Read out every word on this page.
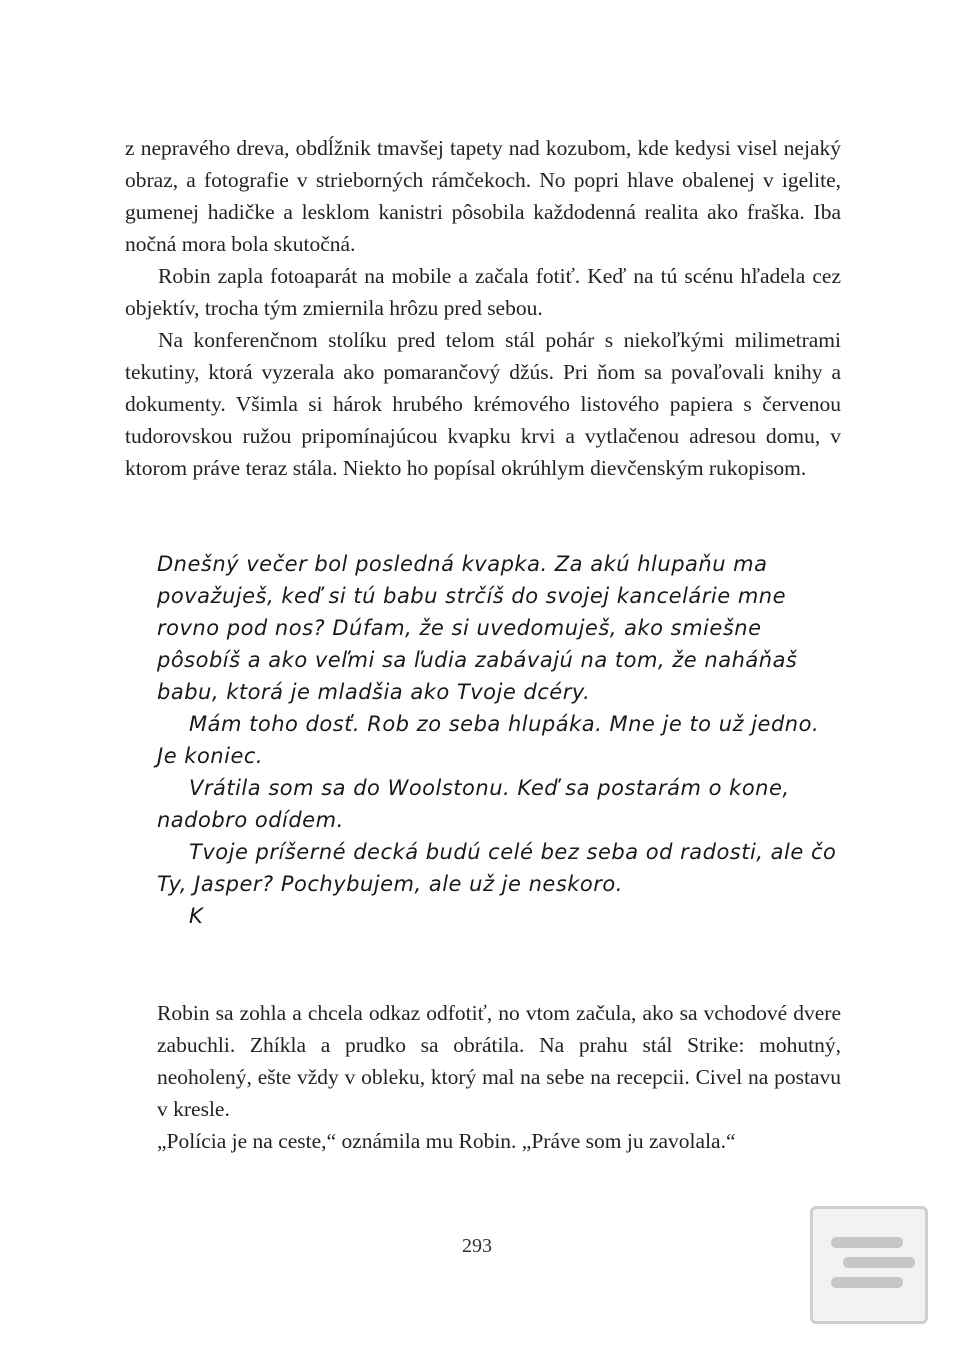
z nepravého dreva, obdĺžnik tmavšej tapety nad kozubom, kde kedysi visel nejaký obraz, a fotografie v strieborných rámčekoch. No popri hlave obalenej v igelite, gumenej hadičke a lesklom kanistri pôsobila každodenná realita ako fraška. Iba nočná mora bola skutočná.

Robin zapla fotoaparát na mobile a začala fotiť. Keď na tú scénu hľadela cez objektív, trocha tým zmiernila hrôzu pred sebou.

Na konferenčnom stolíku pred telom stál pohár s niekoľkými milimetrami tekutiny, ktorá vyzerala ako pomarančový džús. Pri ňom sa povaľovali knihy a dokumenty. Všimla si hárok hrubého krémového listového papiera s červenou tudorovskou ružou pripomínajúcou kvapku krvi a vytlačenou adresou domu, v ktorom práve teraz stála. Niekto ho popísal okrúhlym dievčenským rukopisom.

Dnešný večer bol posledná kvapka. Za akú hlupaňu ma považuješ, keď si tú babu strčíš do svojej kancelárie mne rovno pod nos? Dúfam, že si uvedomuješ, ako smiešne pôsobíš a ako veľmi sa ľudia zabávajú na tom, že naháňaš babu, ktorá je mladšia ako Tvoje dcéry.

Mám toho dosť. Rob zo seba hlupáka. Mne je to už jedno. Je koniec.

Vrátila som sa do Woolstonu. Keď sa postarám o kone, nadobro odídem.

Tvoje príšerné decká budú celé bez seba od radosti, ale čo Ty, Jasper? Pochybujem, ale už je neskoro.

K

Robin sa zohla a chcela odkaz odfotiť, no vtom začula, ako sa vchodové dvere zabuchli. Zhíkla a prudko sa obrátila. Na prahu stál Strike: mohutný, neoholený, ešte vždy v obleku, ktorý mal na sebe na recepcii. Civel na postavu v kresle.

„Polícia je na ceste,“ oznámila mu Robin. „Práve som ju zavolala.“

293
